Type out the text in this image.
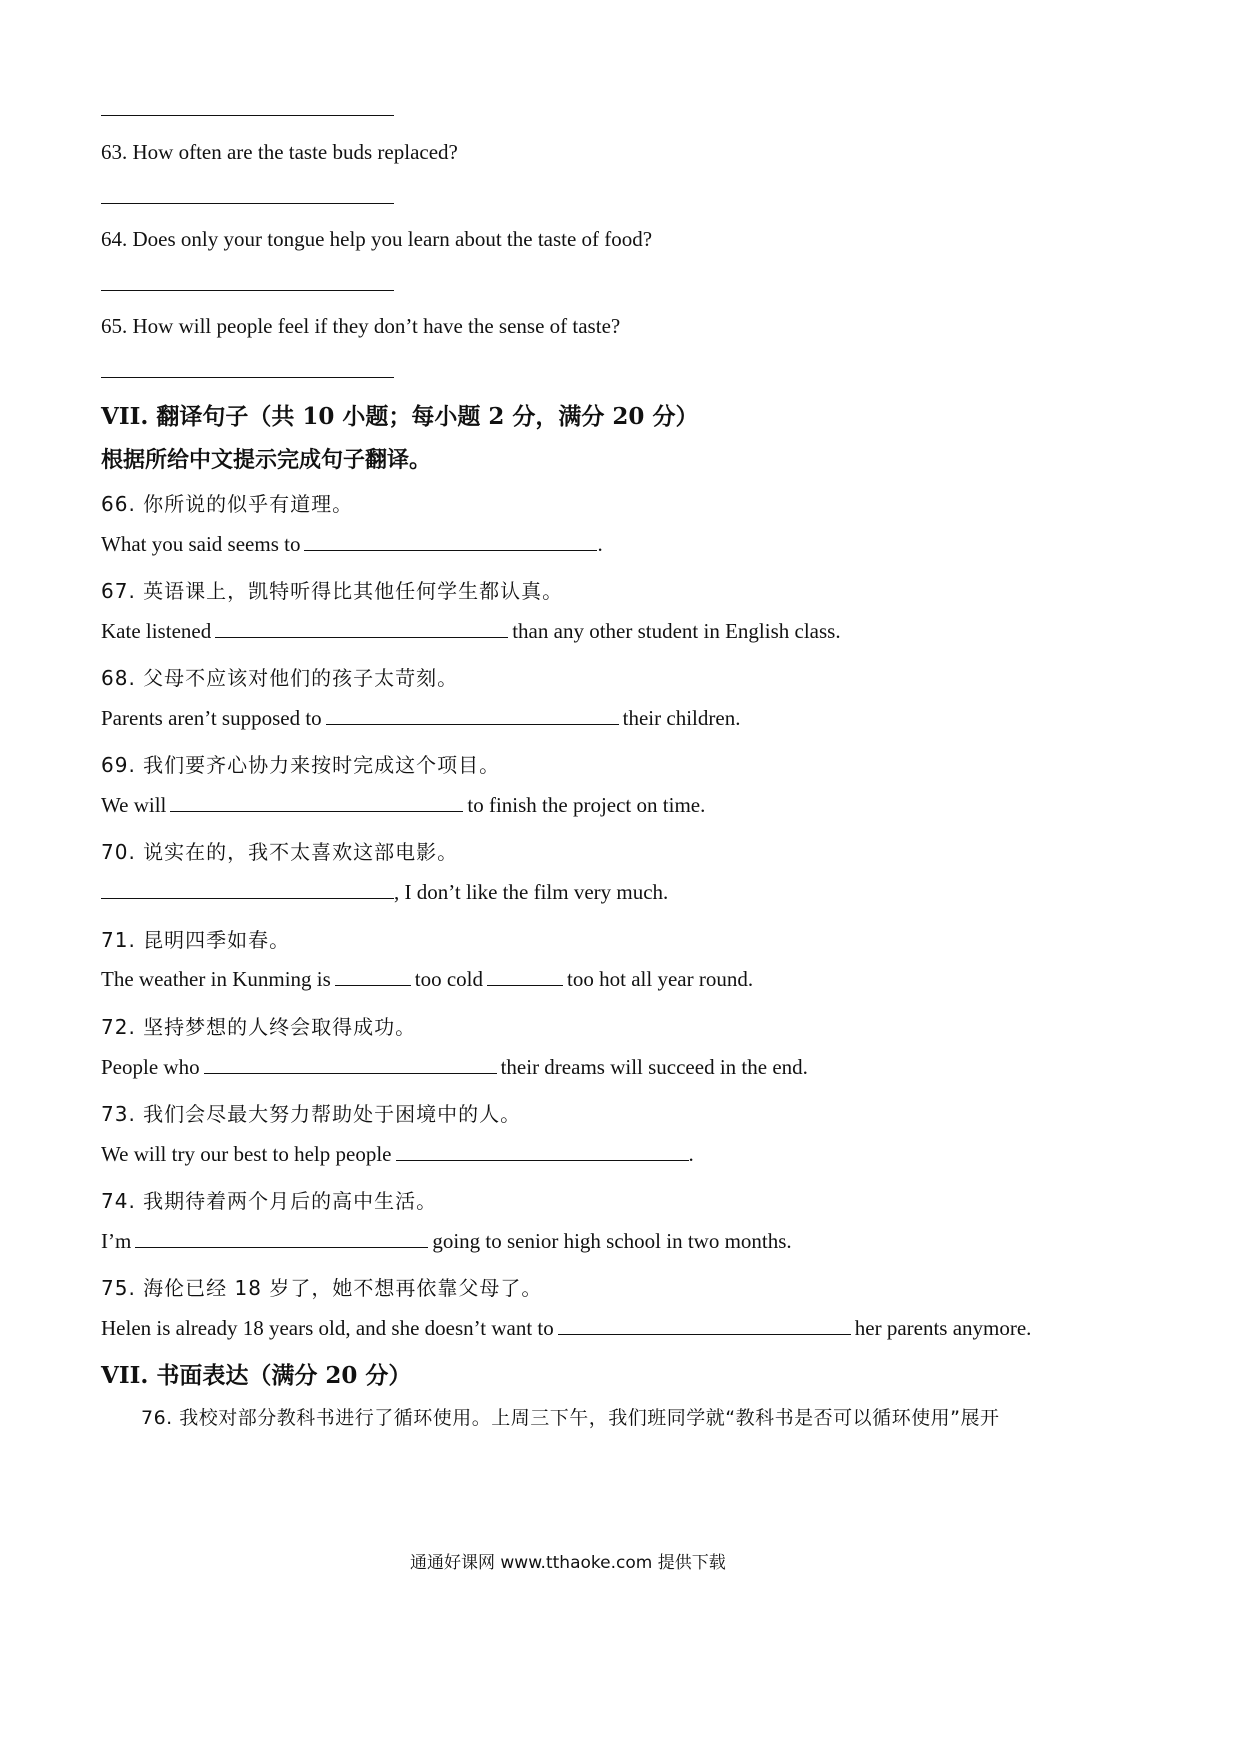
63. How often are the taste buds replaced?
64. Does only your tongue help you learn about the taste of food?
65. How will people feel if they don’t have the sense of taste?
VII. 翻译句子（共 10 小题；每小题 2 分，满分 20 分）
根据所给中文提示完成句子翻译。
66. 你所说的似乎有道理。
What you said seems to	.
67. 英语课上，凯特听得比其他任何学生都认真。
Kate listened	than any other student in English class.
68. 父母不应该对他们的孩子太苛刻。
Parents aren’t supposed to	their children.
69. 我们要齐心协力来按时完成这个项目。
We will	to finish the project on time.
70. 说实在的，我不太喜欢这部电影。
, I don’t like the film very much.
71. 昆明四季如春。
The weather in Kunming is	too cold	too hot all year round.
72. 坚持梦想的人终会取得成功。
People who	their dreams will succeed in the end.
73. 我们会尽最大努力帮助处于困境中的人。
We will try our best to help people	.
74. 我期待着两个月后的高中生活。
I’m	going to senior high school in two months.
75. 海伦已经 18 岁了，她不想再依靠父母了。
Helen is already 18 years old, and she doesn’t want to	her parents anymore.
VII. 书面表达（满分 20 分）
76. 我校对部分教科书进行了循环使用。上周三下午，我们班同学就“教科书是否可以循环使用”展开
通通好课网 www.tthaoke.com 提供下载
